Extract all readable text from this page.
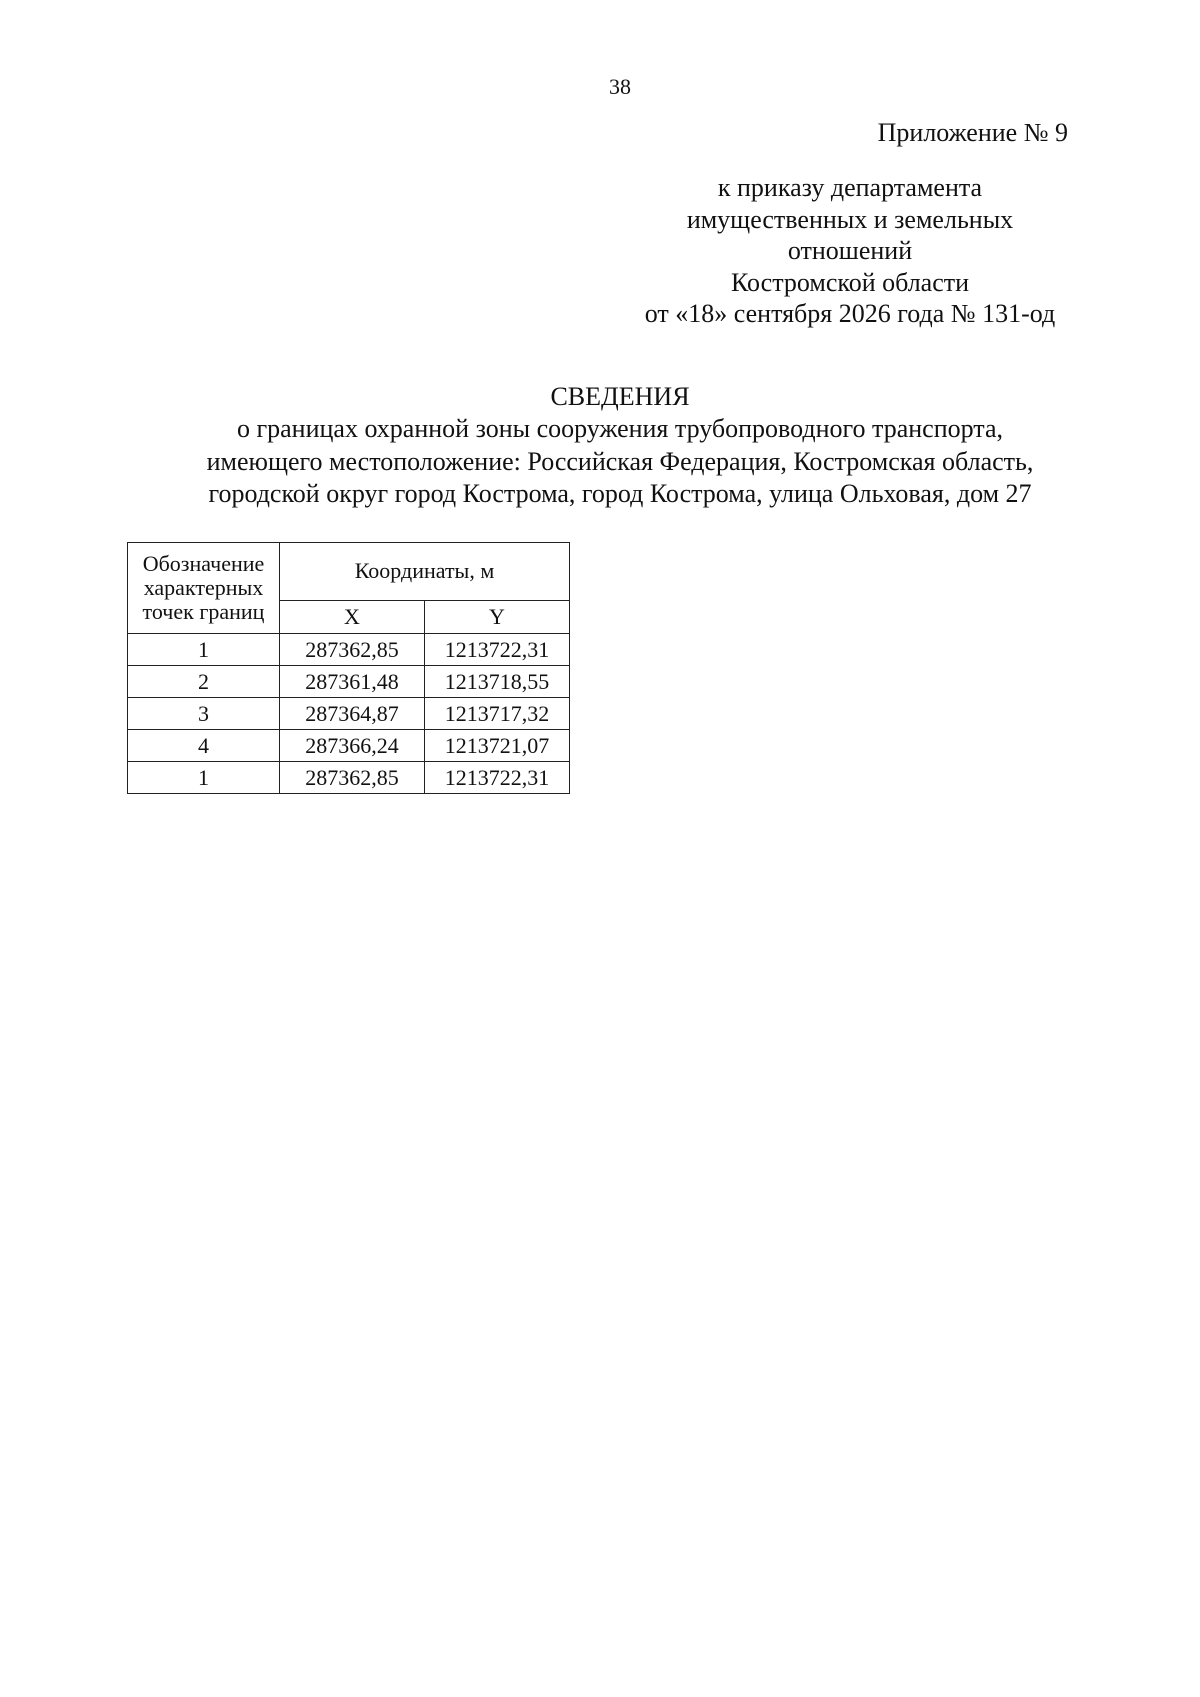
38
Приложение № 9
к приказу департамента
имущественных и земельных
отношений
Костромской области
от «18» сентября 2026 года № 131-од
СВЕДЕНИЯ
о границах охранной зоны сооружения трубопроводного транспорта,
имеющего местоположение: Российская Федерация, Костромская область,
городской округ город Кострома, город Кострома, улица Ольховая, дом 27
Обозначение
характерных
точек границ	Координаты, м	
	X	Y
1	287362,85	1213722,31
2	287361,48	1213718,55
3	287364,87	1213717,32
4	287366,24	1213721,07
1	287362,85	1213722,31
